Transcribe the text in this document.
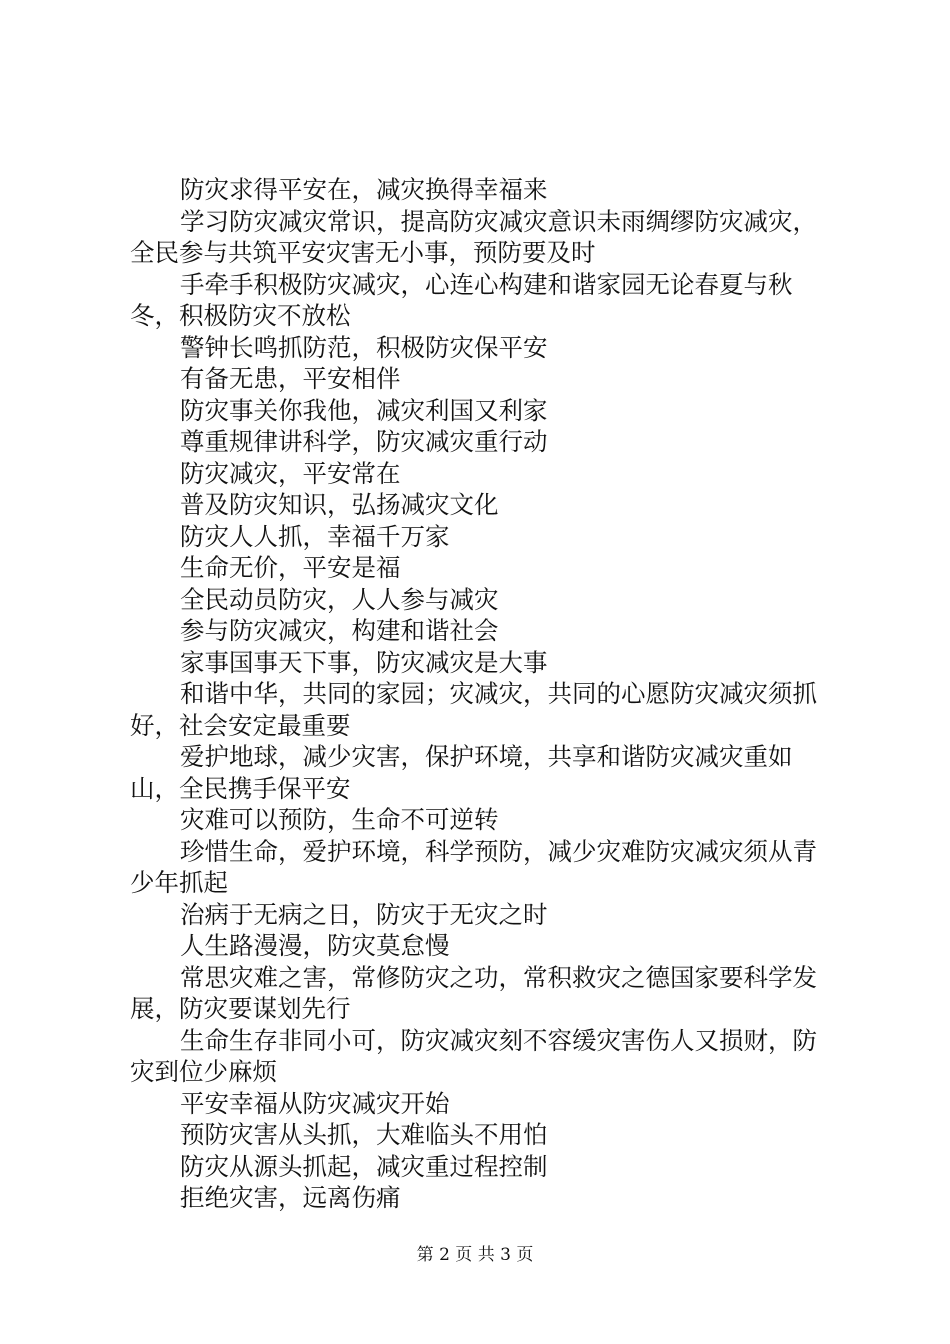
防灾求得平安在，减灾换得幸福来

学习防灾减灾常识，提高防灾减灾意识未雨绸缪防灾减灾，全民参与共筑平安灾害无小事，预防要及时

手牵手积极防灾减灾，心连心构建和谐家园无论春夏与秋冬，积极防灾不放松

警钟长鸣抓防范，积极防灾保平安

有备无患，平安相伴

防灾事关你我他，减灾利国又利家

尊重规律讲科学，防灾减灾重行动

防灾减灾，平安常在

普及防灾知识，弘扬减灾文化

防灾人人抓，幸福千万家

生命无价，平安是福

全民动员防灾，人人参与减灾

参与防灾减灾，构建和谐社会

家事国事天下事，防灾减灾是大事

和谐中华，共同的家园；灾减灾，共同的心愿防灾减灾须抓好，社会安定最重要

爱护地球，减少灾害，保护环境，共享和谐防灾减灾重如山，全民携手保平安

灾难可以预防，生命不可逆转

珍惜生命，爱护环境，科学预防，减少灾难防灾减灾须从青少年抓起

治病于无病之日，防灾于无灾之时

人生路漫漫，防灾莫怠慢

常思灾难之害，常修防灾之功，常积救灾之德国家要科学发展，防灾要谋划先行

生命生存非同小可，防灾减灾刻不容缓灾害伤人又损财，防灾到位少麻烦

平安幸福从防灾减灾开始

预防灾害从头抓，大难临头不用怕

防灾从源头抓起，减灾重过程控制

拒绝灾害，远离伤痛

第 2 页 共 3 页
